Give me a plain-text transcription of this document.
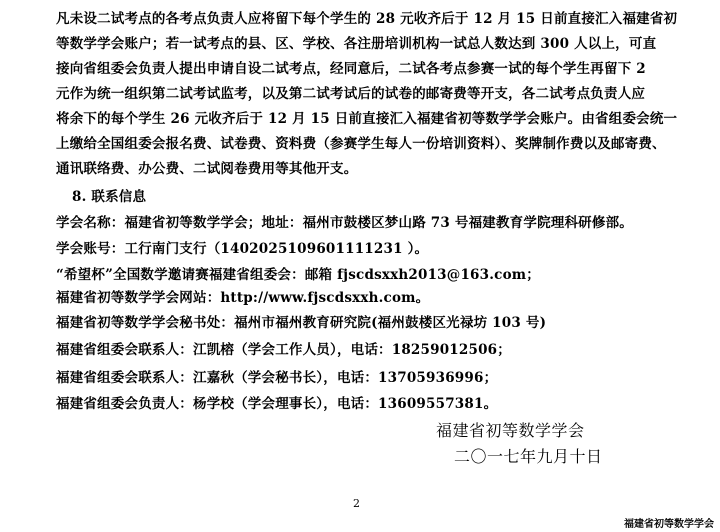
凡未设二试考点的各考点负责人应将留下每个学生的 28 元收齐后于 12 月 15 日前直接汇入福建省初
等数学学会账户；若一试考点的县、区、学校、各注册培训机构一试总人数达到 300 人以上，可直
接向省组委会负责人提出申请自设二试考点，经同意后，二试各考点参赛一试的每个学生再留下 2
元作为统一组织第二试考试监考，以及第二试考试后的试卷的邮寄费等开支，各二试考点负责人应
将余下的每个学生 26 元收齐后于 12 月 15 日前直接汇入福建省初等数学学会账户。由省组委会统一
上缴给全国组委会报名费、试卷费、资料费（参赛学生每人一份培训资料）、奖牌制作费以及邮寄费、
通讯联络费、办公费、二试阅卷费用等其他开支。
8. 联系信息
学会名称：福建省初等数学学会；地址：福州市鼓楼区梦山路 73 号福建教育学院理科研修部。
学会账号：工行南门支行（1402025109601111231 ）。
“希望杯”全国数学邀请赛福建省组委会：邮箱 fjscdsxxh2013@163.com；
福建省初等数学学会网站：http://www.fjscdsxxh.com。
福建省初等数学学会秘书处：福州市福州教育研究院(福州鼓楼区光禄坊 103 号)
福建省组委会联系人：江凯榕（学会工作人员），电话：18259012506；
福建省组委会联系人：江嘉秋（学会秘书长），电话：13705936996；
福建省组委会负责人：杨学校（学会理事长），电话：13609557381。
福建省初等数学学会
二〇一七年九月十日
2
福建省初等数学学会
